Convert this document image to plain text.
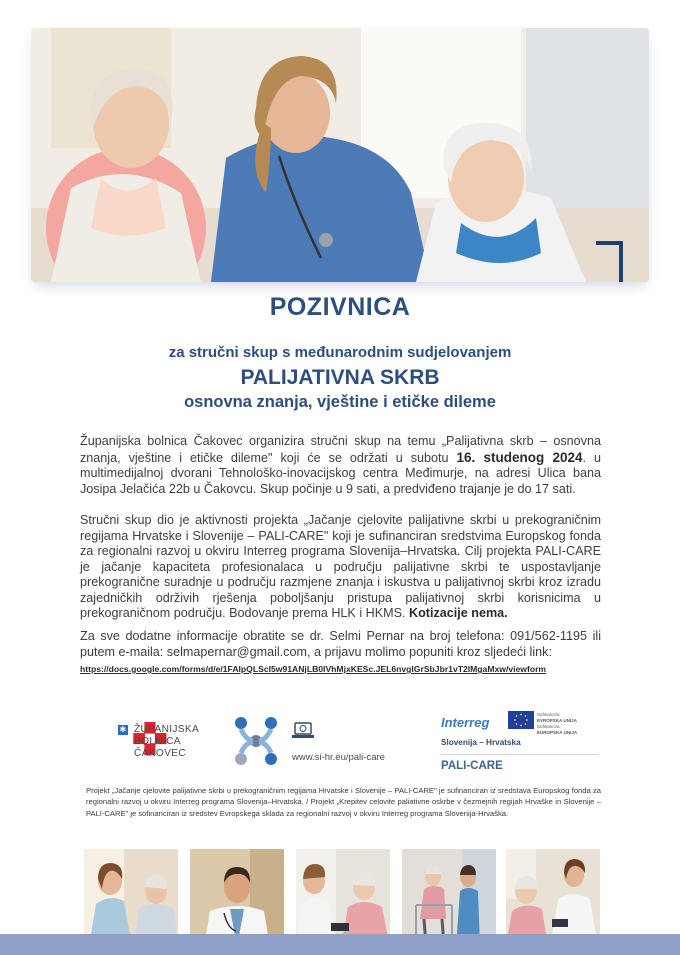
POZIVNICA
za stručni skup s međunarodnim sudjelovanjem
PALIJATIVNA SKRB
osnovna znanja, vještine i etičke dileme
Županijska bolnica Čakovec organizira stručni skup na temu „Palijativna skrb – osnovna znanja, vještine i etičke dileme" koji će se održati u subotu 16. studenog 2024. u multimedijalnoj dvorani Tehnološko-inovacijskog centra Međimurje, na adresi Ulica bana Josipa Jelačića 22b u Čakovcu. Skup počinje u 9 sati, a predviđeno trajanje je do 17 sati.
Stručni skup dio je aktivnosti projekta „Jačanje cjelovite palijativne skrbi u prekograničnim regijama Hrvatske i Slovenije – PALI-CARE" koji je sufinanciran sredstvima Europskog fonda za regionalni razvoj u okviru Interreg programa Slovenija–Hrvatska. Cilj projekta PALI-CARE je jačanje kapaciteta profesionalaca u području palijativne skrbi te uspostavljanje prekogranične suradnje u području razmjene znanja i iskustva u palijativnoj skrbi kroz izradu zajedničkih održivih rješenja poboljšanju pristupa palijativnoj skrbi korisnicima u prekograničnom području. Bodovanje prema HLK i HKMS. Kotizacije nema.
Za sve dodatne informacije obratite se dr. Selmi Pernar na broj telefona: 091/562-1195 ili putem e-maila: selmapernar@gmail.com, a prijavu molimo popuniti kroz sljedeći link:
https://docs.google.com/forms/d/e/1FAIpQLScI5w91ANjLB0IVhMjxKESc.JEL6nvgIGrSbJbr1vT2IMgaMxw/viewform
✱ ŽUPANIJSKA
BOLNICA
ČAKOVEC	www.si-hr.eu/pali-care
Interreg
Sofinancira
EVROPSKA UNIJA
Sufinancira
EUROPSKA UNIJA
Slovenija – Hrvatska
PALI-CARE
Projekt „Jačanje cjelovite palijativne skrbi u prekograničnim regijama Hrvatske i Slovenije – PALI-CARE" je sufinanciran iz sredstava Europskog fonda za regionalni razvoj u okviru Interreg programa Slovenija–Hrvatska. / Projekt „Krepitev celovite paliativne oskrbe v čezmejnih regijah Hrvaške in Slovenije – PALI-CARE" je sofinanciran iz sredstev Evropskega sklada za regionalni razvoj v okviru Interreg programa Slovenija-Hrvaška.
